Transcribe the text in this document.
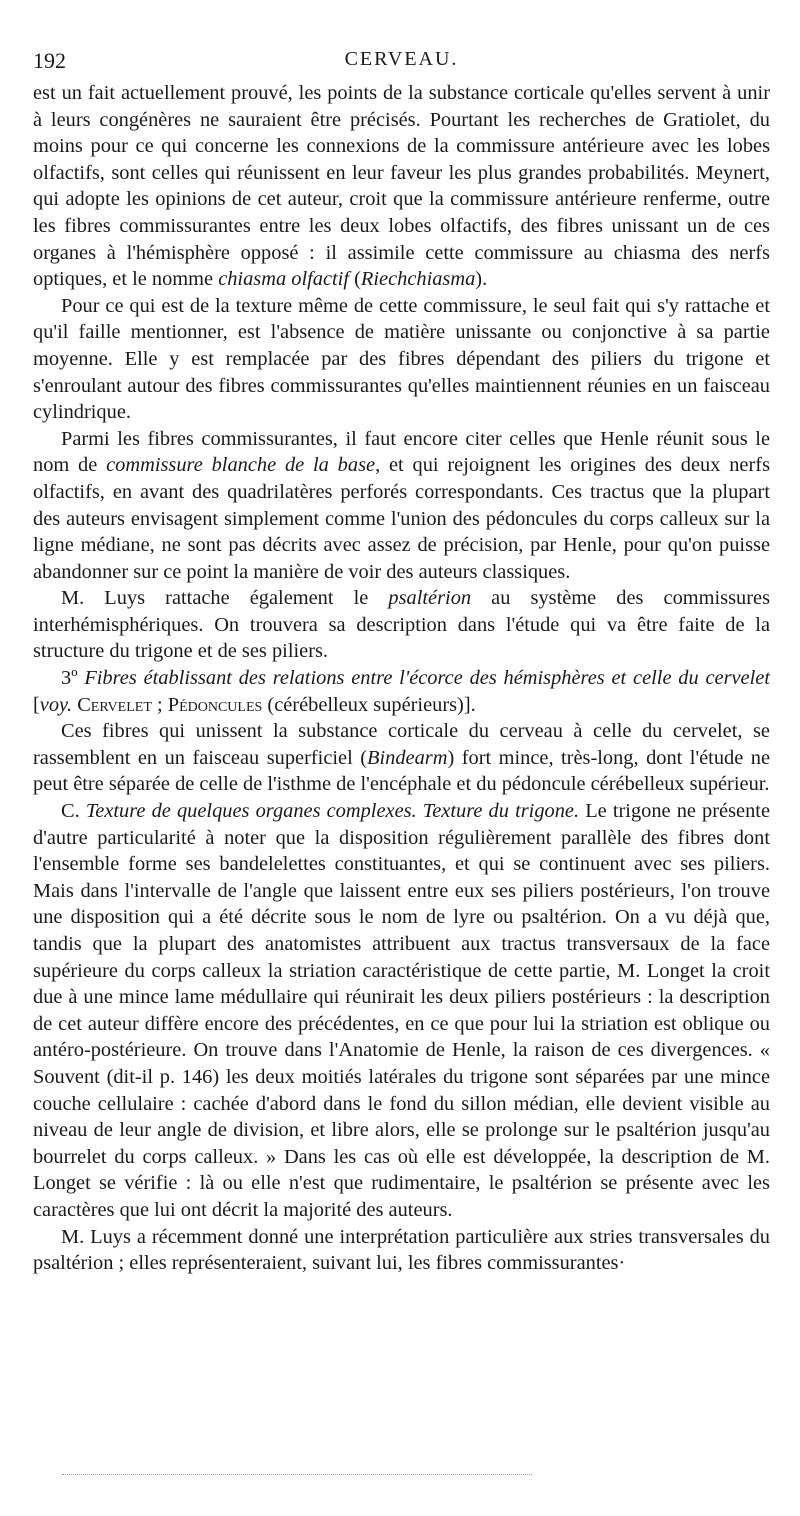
192	CERVEAU.

est un fait actuellement prouvé, les points de la substance corticale qu'elles servent à unir à leurs congénères ne sauraient être précisés. Pourtant les recherches de Gratiolet, du moins pour ce qui concerne les connexions de la commissure antérieure avec les lobes olfactifs, sont celles qui réunissent en leur faveur les plus grandes probabilités. Meynert, qui adopte les opinions de cet auteur, croit que la commissure antérieure renferme, outre les fibres commissurantes entre les deux lobes olfactifs, des fibres unissant un de ces organes à l'hémisphère opposé : il assimile cette commissure au chiasma des nerfs optiques, et le nomme chiasma olfactif (Riechchiasma).

Pour ce qui est de la texture même de cette commissure, le seul fait qui s'y rattache et qu'il faille mentionner, est l'absence de matière unissante ou conjonctive à sa partie moyenne. Elle y est remplacée par des fibres dépendant des piliers du trigone et s'enroulant autour des fibres commissurantes qu'elles maintiennent réunies en un faisceau cylindrique.

Parmi les fibres commissurantes, il faut encore citer celles que Henle réunit sous le nom de commissure blanche de la base, et qui rejoignent les origines des deux nerfs olfactifs, en avant des quadrilatères perforés correspondants. Ces tractus que la plupart des auteurs envisagent simplement comme l'union des pédoncules du corps calleux sur la ligne médiane, ne sont pas décrits avec assez de précision, par Henle, pour qu'on puisse abandonner sur ce point la manière de voir des auteurs classiques.

M. Luys rattache également le psaltérion au système des commissures interhémisphériques. On trouvera sa description dans l'étude qui va être faite de la structure du trigone et de ses piliers.

3º Fibres établissant des relations entre l'écorce des hémisphères et celle du cervelet [voy. Cervelet ; Pédoncules (cérébelleux supérieurs)].

Ces fibres qui unissent la substance corticale du cerveau à celle du cervelet, se rassemblent en un faisceau superficiel (Bindearm) fort mince, très-long, dont l'étude ne peut être séparée de celle de l'isthme de l'encéphale et du pédoncule cérébelleux supérieur.

C. Texture de quelques organes complexes. Texture du trigone. Le trigone ne présente d'autre particularité à noter que la disposition régulièrement parallèle des fibres dont l'ensemble forme ses bandelelettes constituantes, et qui se continuent avec ses piliers. Mais dans l'intervalle de l'angle que laissent entre eux ses piliers postérieurs, l'on trouve une disposition qui a été décrite sous le nom de lyre ou psaltérion. On a vu déjà que, tandis que la plupart des anatomistes attribuent aux tractus transversaux de la face supérieure du corps calleux la striation caractéristique de cette partie, M. Longet la croit due à une mince lame médullaire qui réunirait les deux piliers postérieurs : la description de cet auteur diffère encore des précédentes, en ce que pour lui la striation est oblique ou antéro-postérieure. On trouve dans l'Anatomie de Henle, la raison de ces divergences. « Souvent (dit-il p. 146) les deux moitiés latérales du trigone sont séparées par une mince couche cellulaire : cachée d'abord dans le fond du sillon médian, elle devient visible au niveau de leur angle de division, et libre alors, elle se prolonge sur le psaltérion jusqu'au bourrelet du corps calleux. » Dans les cas où elle est développée, la description de M. Longet se vérifie : là ou elle n'est que rudimentaire, le psaltérion se présente avec les caractères que lui ont décrit la majorité des auteurs.

M. Luys a récemment donné une interprétation particulière aux stries transversales du psaltérion ; elles représenteraient, suivant lui, les fibres commissurantes·
